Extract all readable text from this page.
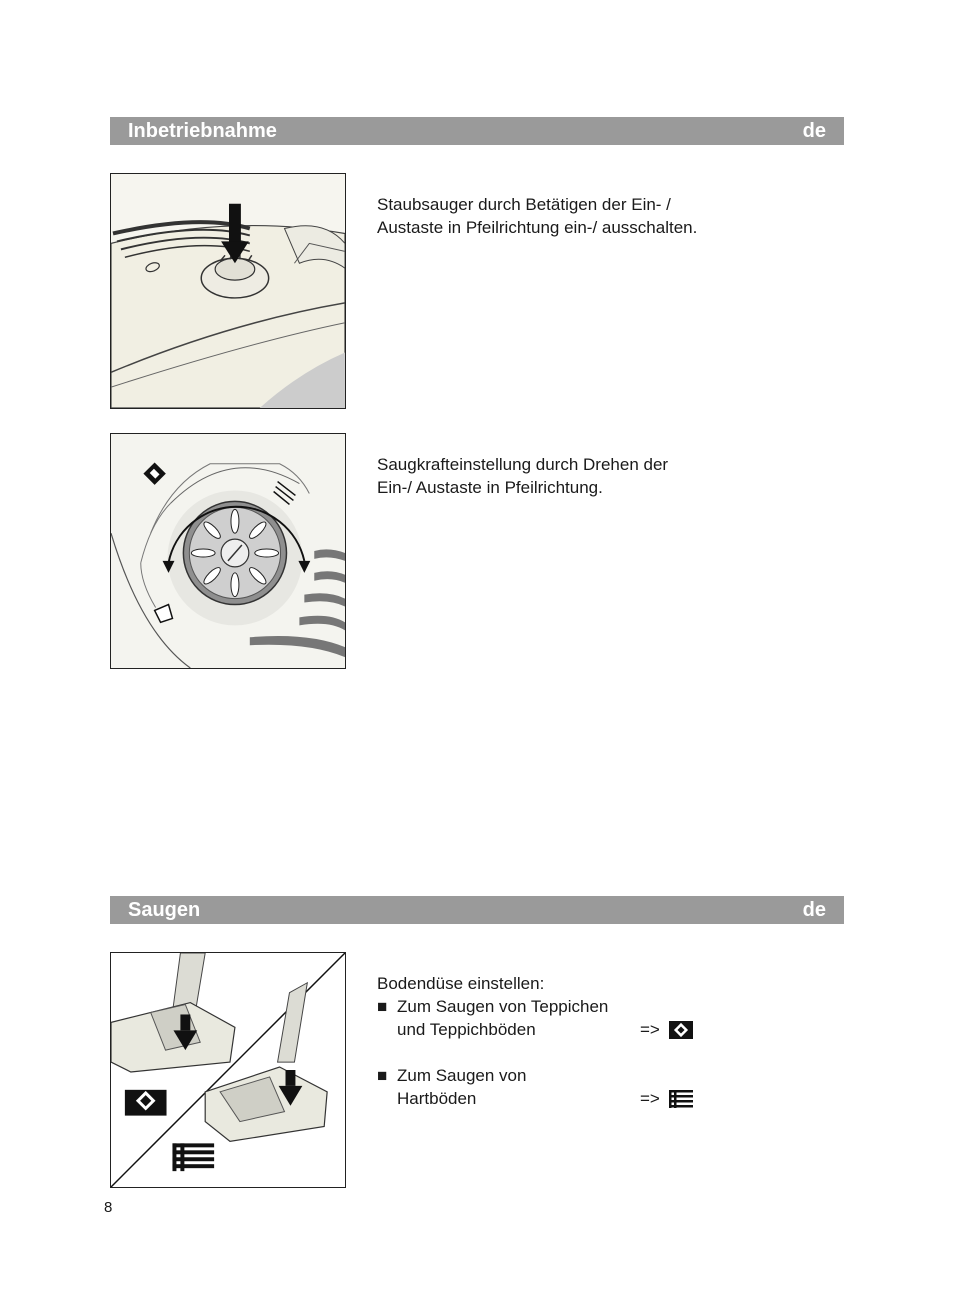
Inbetriebnahme	de
Staubsauger durch Betätigen der Ein- /
Austaste in Pfeilrichtung ein-/ ausschalten.
Saugkrafteinstellung durch Drehen der
Ein-/ Austaste in Pfeilrichtung.
Saugen	de
Bodendüse einstellen:
■ Zum Saugen von Teppichen
und Teppichböden	=>
■ Zum Saugen von
Hartböden	=>
8
